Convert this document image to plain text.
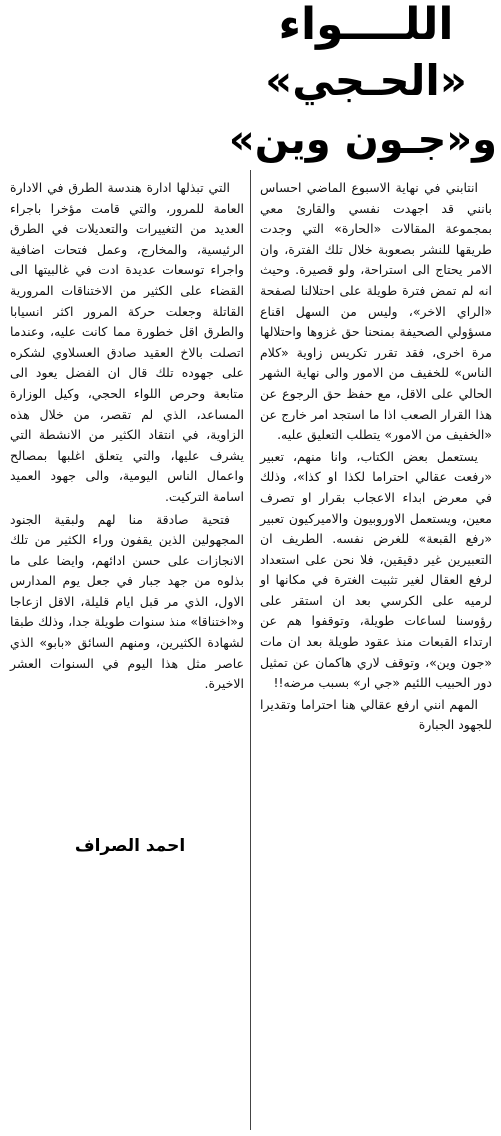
اللــــواء
«الحـجي»
و«جـون وين»

انتابني في نهاية الاسبوع الماضي احساس بانني قد اجهدت نفسي والقارئ معي بمجموعة المقالات «الحارة» التي وجدت طريقها للنشر بصعوبة خلال تلك الفترة، وان الامر يحتاج الى استراحة، ولو قصيرة. وحيث انه لم تمض فترة طويلة على احتلالنا لصفحة «الراي الاخر»، وليس من السهل اقناع مسؤولي الصحيفة بمنحنا حق غزوها واحتلالها مرة اخرى، فقد تقرر تكريس زاوية «كلام الناس» للخفيف من الامور والى نهاية الشهر الحالي على الاقل، مع حفظ حق الرجوع عن هذا القرار الصعب اذا ما استجد امر خارج عن «الخفيف من الامور» يتطلب التعليق عليه.

يستعمل بعض الكتاب، وانا منهم، تعبير «رفعت عقالي احتراما لكذا او كذا»، وذلك في معرض ابداء الاعجاب بقرار او تصرف معين، ويستعمل الاوروبيون والاميركيون تعبير «رفع القبعة» للغرض نفسه. الطريف ان التعبيرين غير دقيقين، فلا نحن على استعداد لرفع العقال لغير تثبيت الغترة في مكانها او لرميه على الكرسي بعد ان استقر على رؤوسنا لساعات طويلة، وتوقفوا هم عن ارتداء القبعات منذ عقود طويلة بعد ان مات «جون وين»، وتوقف لاري هاكمان عن تمثيل دور الحبيب اللئيم «جي ار» بسبب مرضه!!

المهم انني ارفع عقالي هنا احتراما وتقديرا للجهود الجبارة

التي تبذلها ادارة هندسة الطرق في الادارة العامة للمرور، والتي قامت مؤخرا باجراء العديد من التغييرات والتعديلات في الطرق الرئيسية، والمخارج، وعمل فتحات اضافية واجراء توسعات عديدة ادت في غالبيتها الى القضاء على الكثير من الاختناقات المرورية القاتلة وجعلت حركة المرور اكثر انسيابا والطرق اقل خطورة مما كانت عليه، وعندما اتصلت بالاخ العقيد صادق العسلاوي لشكره على جهوده تلك قال ان الفضل يعود الى متابعة وحرص اللواء الحجي، وكيل الوزارة المساعد، الذي لم تقصر، من خلال هذه الزاوية، في انتقاد الكثير من الانشطة التي يشرف عليها، والتي يتعلق اغلبها بمصالح واعمال الناس اليومية، والى جهود العميد اسامة التركيت.

فتحية صادقة منا لهم ولبقية الجنود المجهولين الذين يقفون وراء الكثير من تلك الانجازات على حسن ادائهم، وايضا على ما بذلوه من جهد جبار في جعل يوم المدارس الاول، الذي مر قبل ايام قليلة، الاقل ازعاجا و«اختناقا» منذ سنوات طويلة جدا، وذلك طبقا لشهادة الكثيرين، ومنهم السائق «بابو» الذي عاصر مثل هذا اليوم في السنوات العشر الاخيرة.

احمد الصراف
